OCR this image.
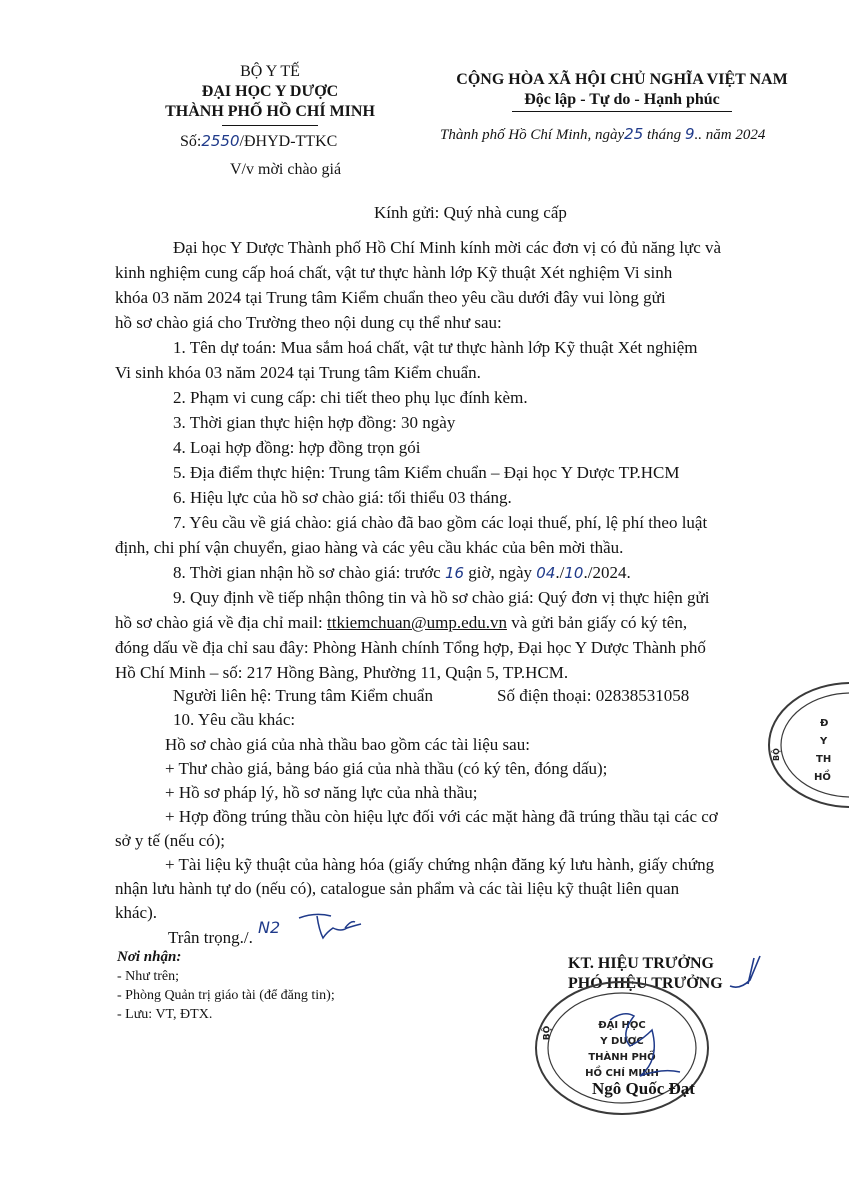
BỘ Y TẾ
ĐẠI HỌC Y DƯỢC
THÀNH PHỐ HỒ CHÍ MINH
Số:2550/ĐHYD-TTKC
V/v mời chào giá
CỘNG HÒA XÃ HỘI CHỦ NGHĨA VIỆT NAM
Độc lập - Tự do - Hạnh phúc
Thành phố Hồ Chí Minh, ngày25 tháng 9.. năm 2024
Kính gửi: Quý nhà cung cấp
Đại học Y Dược Thành phố Hồ Chí Minh kính mời các đơn vị có đủ năng lực và
kinh nghiệm cung cấp hoá chất, vật tư thực hành lớp Kỹ thuật Xét nghiệm Vi sinh
khóa 03 năm 2024 tại Trung tâm Kiểm chuẩn theo yêu cầu dưới đây vui lòng gửi
hồ sơ chào giá cho Trường theo nội dung cụ thể như sau:
1. Tên dự toán: Mua sắm hoá chất, vật tư thực hành lớp Kỹ thuật Xét nghiệm
Vi sinh khóa 03 năm 2024 tại Trung tâm Kiểm chuẩn.
2. Phạm vi cung cấp: chi tiết theo phụ lục đính kèm.
3. Thời gian thực hiện hợp đồng: 30 ngày
4. Loại hợp đồng: hợp đồng trọn gói
5. Địa điểm thực hiện: Trung tâm Kiểm chuẩn – Đại học Y Dược TP.HCM
6. Hiệu lực của hồ sơ chào giá: tối thiểu 03 tháng.
7. Yêu cầu về giá chào: giá chào đã bao gồm các loại thuế, phí, lệ phí theo luật
định, chi phí vận chuyển, giao hàng và các yêu cầu khác của bên mời thầu.
8. Thời gian nhận hồ sơ chào giá: trước 16 giờ, ngày 04./10./2024.
9. Quy định về tiếp nhận thông tin và hồ sơ chào giá: Quý đơn vị thực hiện gửi
hồ sơ chào giá về địa chỉ mail: ttkiemchuan@ump.edu.vn và gửi bản giấy có ký tên,
đóng dấu về địa chỉ sau đây: Phòng Hành chính Tổng hợp, Đại học Y Dược Thành phố
Hồ Chí Minh – số: 217 Hồng Bàng, Phường 11, Quận 5, TP.HCM.
Người liên hệ: Trung tâm Kiểm chuẩn	Số điện thoại: 02838531058
10. Yêu cầu khác:
Hồ sơ chào giá của nhà thầu bao gồm các tài liệu sau:
+ Thư chào giá, bảng báo giá của nhà thầu (có ký tên, đóng dấu);
+ Hồ sơ pháp lý, hồ sơ năng lực của nhà thầu;
+ Hợp đồng trúng thầu còn hiệu lực đối với các mặt hàng đã trúng thầu tại các cơ
sở y tế (nếu có);
+ Tài liệu kỹ thuật của hàng hóa (giấy chứng nhận đăng ký lưu hành, giấy chứng
nhận lưu hành tự do (nếu có), catalogue sản phẩm và các tài liệu kỹ thuật liên quan
khác).
Trân trọng./.
N2
Nơi nhận:
- Như trên;
- Phòng Quản trị giáo tài (để đăng tin);
- Lưu: VT, ĐTX.
KT. HIỆU TRƯỞNG
PHÓ HIỆU TRƯỞNG
BỘ
ĐẠI HỌC
Y DƯỢC
THÀNH PHỐ
HỒ CHÍ MINH
Ngô Quốc Đạt
BỘ
Đ
Y
TH
HỒ
